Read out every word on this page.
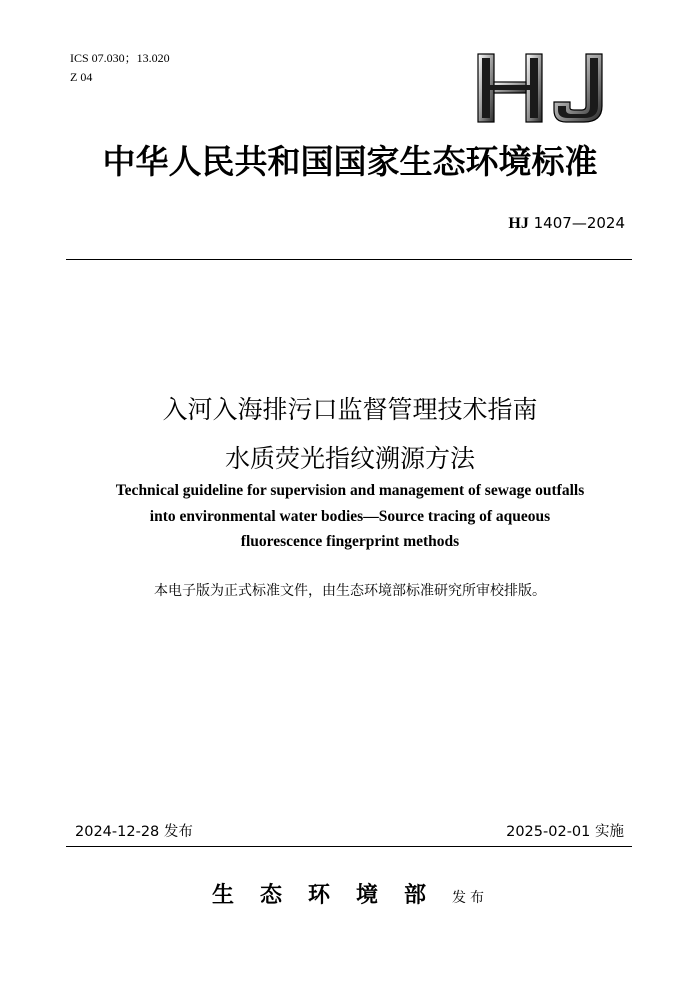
ICS 07.030；13.020
Z 04
HJ
中华人民共和国国家生态环境标准
HJ 1407—2024
入河入海排污口监督管理技术指南
水质荧光指纹溯源方法
Technical guideline for supervision and management of sewage outfalls
into environmental water bodies—Source tracing of aqueous
fluorescence fingerprint methods
本电子版为正式标准文件，由生态环境部标准研究所审校排版。
2024-12-28 发布	2025-02-01 实施
生态环境部发布
